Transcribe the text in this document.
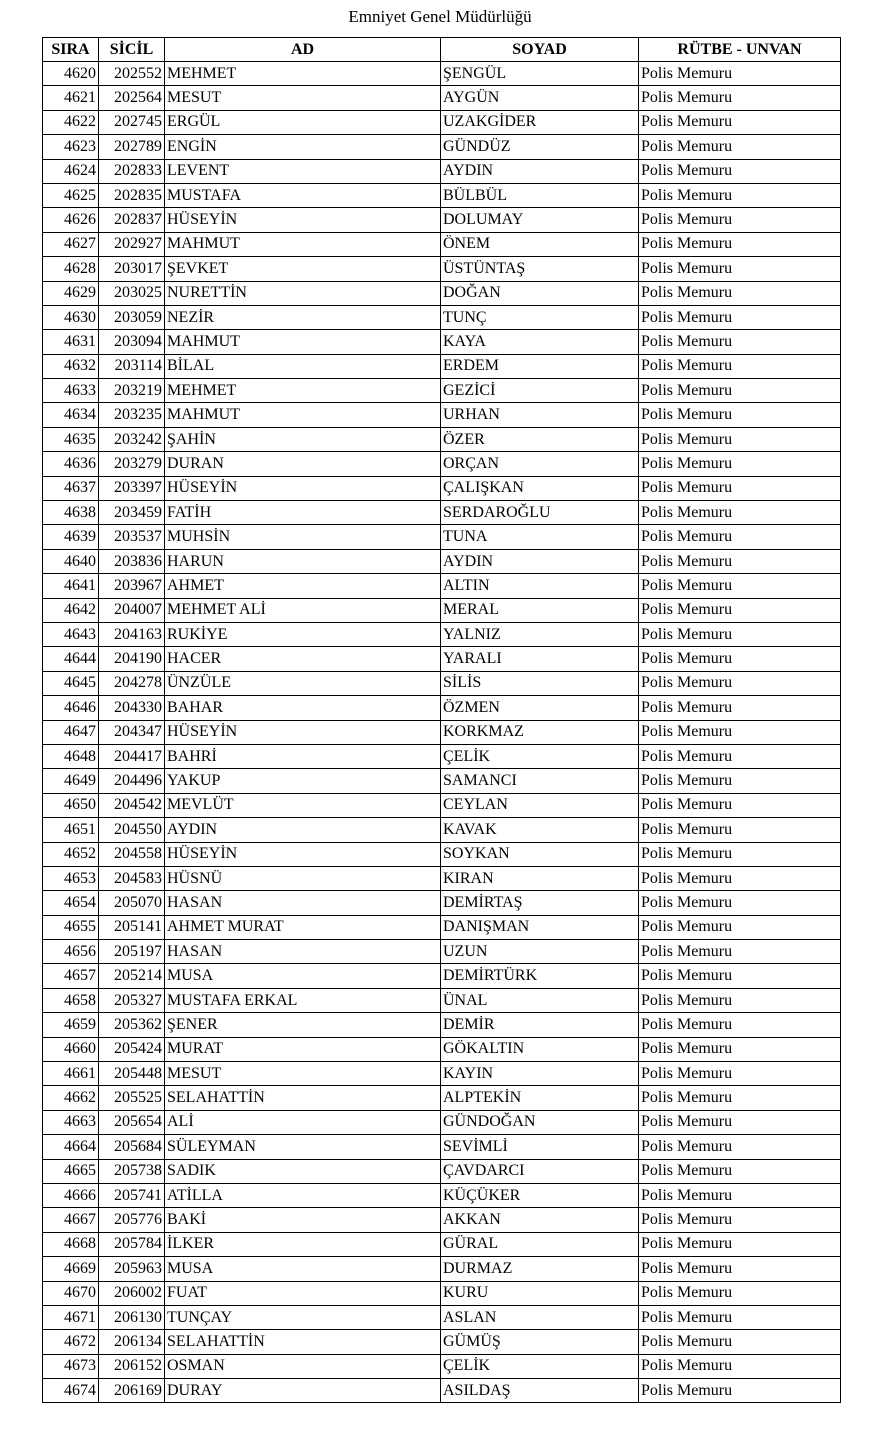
Emniyet Genel Müdürlüğü
SIRA	SİCİL	AD	SOYAD	RÜTBE - UNVAN
4620	202552	MEHMET	ŞENGÜL	Polis Memuru
4621	202564	MESUT	AYGÜN	Polis Memuru
4622	202745	ERGÜL	UZAKGİDER	Polis Memuru
4623	202789	ENGİN	GÜNDÜZ	Polis Memuru
4624	202833	LEVENT	AYDIN	Polis Memuru
4625	202835	MUSTAFA	BÜLBÜL	Polis Memuru
4626	202837	HÜSEYİN	DOLUMAY	Polis Memuru
4627	202927	MAHMUT	ÖNEM	Polis Memuru
4628	203017	ŞEVKET	ÜSTÜNTAŞ	Polis Memuru
4629	203025	NURETTİN	DOĞAN	Polis Memuru
4630	203059	NEZİR	TUNÇ	Polis Memuru
4631	203094	MAHMUT	KAYA	Polis Memuru
4632	203114	BİLAL	ERDEM	Polis Memuru
4633	203219	MEHMET	GEZİCİ	Polis Memuru
4634	203235	MAHMUT	URHAN	Polis Memuru
4635	203242	ŞAHİN	ÖZER	Polis Memuru
4636	203279	DURAN	ORÇAN	Polis Memuru
4637	203397	HÜSEYİN	ÇALIŞKAN	Polis Memuru
4638	203459	FATİH	SERDAROĞLU	Polis Memuru
4639	203537	MUHSİN	TUNA	Polis Memuru
4640	203836	HARUN	AYDIN	Polis Memuru
4641	203967	AHMET	ALTIN	Polis Memuru
4642	204007	MEHMET ALİ	MERAL	Polis Memuru
4643	204163	RUKİYE	YALNIZ	Polis Memuru
4644	204190	HACER	YARALI	Polis Memuru
4645	204278	ÜNZÜLE	SİLİS	Polis Memuru
4646	204330	BAHAR	ÖZMEN	Polis Memuru
4647	204347	HÜSEYİN	KORKMAZ	Polis Memuru
4648	204417	BAHRİ	ÇELİK	Polis Memuru
4649	204496	YAKUP	SAMANCI	Polis Memuru
4650	204542	MEVLÜT	CEYLAN	Polis Memuru
4651	204550	AYDIN	KAVAK	Polis Memuru
4652	204558	HÜSEYİN	SOYKAN	Polis Memuru
4653	204583	HÜSNÜ	KIRAN	Polis Memuru
4654	205070	HASAN	DEMİRTAŞ	Polis Memuru
4655	205141	AHMET MURAT	DANIŞMAN	Polis Memuru
4656	205197	HASAN	UZUN	Polis Memuru
4657	205214	MUSA	DEMİRTÜRK	Polis Memuru
4658	205327	MUSTAFA ERKAL	ÜNAL	Polis Memuru
4659	205362	ŞENER	DEMİR	Polis Memuru
4660	205424	MURAT	GÖKALTIN	Polis Memuru
4661	205448	MESUT	KAYIN	Polis Memuru
4662	205525	SELAHATTİN	ALPTEKİN	Polis Memuru
4663	205654	ALİ	GÜNDOĞAN	Polis Memuru
4664	205684	SÜLEYMAN	SEVİMLİ	Polis Memuru
4665	205738	SADIK	ÇAVDARCI	Polis Memuru
4666	205741	ATİLLA	KÜÇÜKER	Polis Memuru
4667	205776	BAKİ	AKKAN	Polis Memuru
4668	205784	İLKER	GÜRAL	Polis Memuru
4669	205963	MUSA	DURMAZ	Polis Memuru
4670	206002	FUAT	KURU	Polis Memuru
4671	206130	TUNÇAY	ASLAN	Polis Memuru
4672	206134	SELAHATTİN	GÜMÜŞ	Polis Memuru
4673	206152	OSMAN	ÇELİK	Polis Memuru
4674	206169	DURAY	ASILDAŞ	Polis Memuru
